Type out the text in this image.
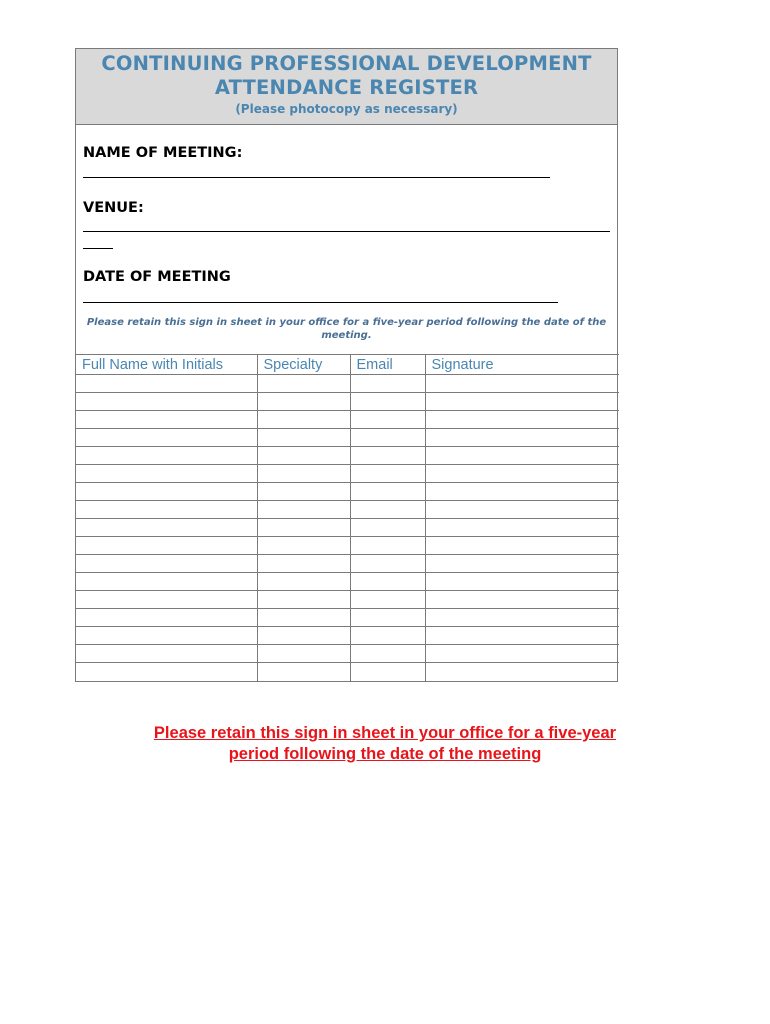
CONTINUING PROFESSIONAL DEVELOPMENT
ATTENDANCE REGISTER
(Please photocopy as necessary)
NAME OF MEETING:
VENUE:
DATE OF MEETING
Please retain this sign in sheet in your office for a five-year period following the date of the meeting.
Full Name with Initials	Specialty	Email	Signature

Please retain this sign in sheet in your office for a five-year
period following the date of the meeting
